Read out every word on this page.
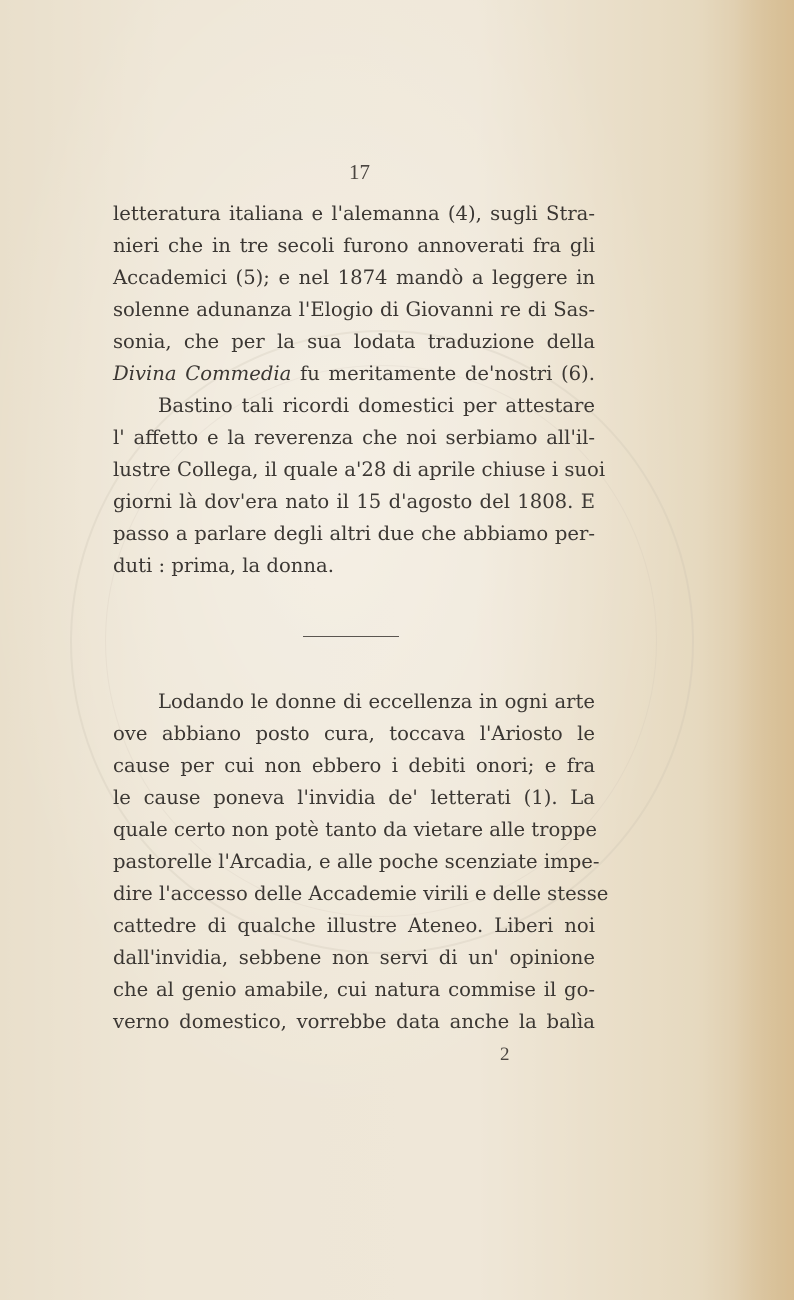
17
letteratura italiana e l'alemanna (4), sugli Stra-
nieri che in tre secoli furono annoverati fra gli
Accademici (5); e nel 1874 mandò a leggere in
solenne adunanza l'Elogio di Giovanni re di Sas-
sonia, che per la sua lodata traduzione della
Divina Commedia fu meritamente de'nostri (6).
Bastino tali ricordi domestici per attestare
l' affetto e la reverenza che noi serbiamo all'il-
lustre Collega, il quale a'28 di aprile chiuse i suoi
giorni là dov'era nato il 15 d'agosto del 1808. E
passo a parlare degli altri due che abbiamo per-
duti : prima, la donna.
Lodando le donne di eccellenza in ogni arte
ove abbiano posto cura, toccava l'Ariosto le
cause per cui non ebbero i debiti onori; e fra
le cause poneva l'invidia de' letterati (1). La
quale certo non potè tanto da vietare alle troppe
pastorelle l'Arcadia, e alle poche scenziate impe-
dire l'accesso delle Accademie virili e delle stesse
cattedre di qualche illustre Ateneo. Liberi noi
dall'invidia, sebbene non servi di un' opinione
che al genio amabile, cui natura commise il go-
verno domestico, vorrebbe data anche la balìa
2
